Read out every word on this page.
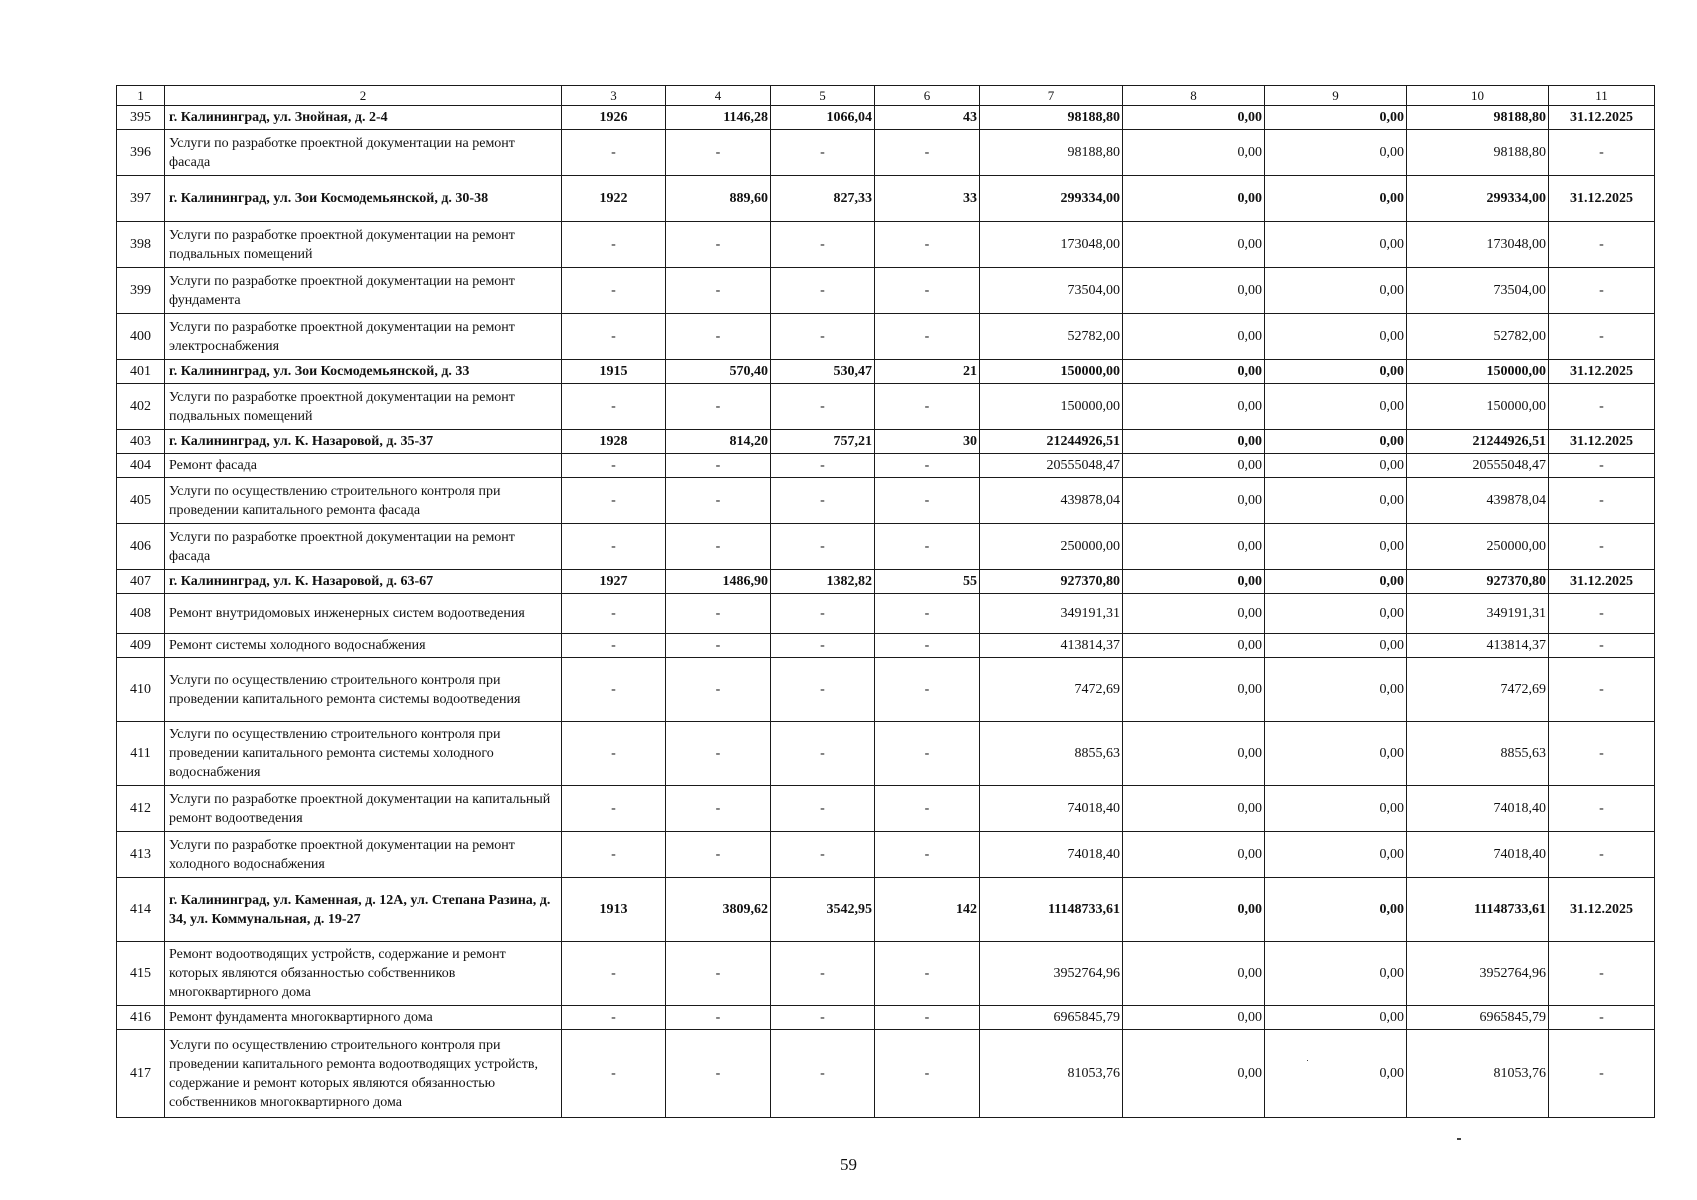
1	2	3	4	5	6	7	8	9	10	11
395	г. Калининград, ул. Знойная, д. 2-4	1926	1146,28	1066,04	43	98188,80	0,00	0,00	98188,80	31.12.2025
396	Услуги по разработке проектной документации на ремонт фасада	-	-	-	-	98188,80	0,00	0,00	98188,80	-
397	г. Калининград, ул. Зои Космодемьянской, д. 30-38	1922	889,60	827,33	33	299334,00	0,00	0,00	299334,00	31.12.2025
398	Услуги по разработке проектной документации на ремонт подвальных помещений	-	-	-	-	173048,00	0,00	0,00	173048,00	-
399	Услуги по разработке проектной документации на ремонт фундамента	-	-	-	-	73504,00	0,00	0,00	73504,00	-
400	Услуги по разработке проектной документации на ремонт электроснабжения	-	-	-	-	52782,00	0,00	0,00	52782,00	-
401	г. Калининград, ул. Зои Космодемьянской, д. 33	1915	570,40	530,47	21	150000,00	0,00	0,00	150000,00	31.12.2025
402	Услуги по разработке проектной документации на ремонт подвальных помещений	-	-	-	-	150000,00	0,00	0,00	150000,00	-
403	г. Калининград, ул. К. Назаровой, д. 35-37	1928	814,20	757,21	30	21244926,51	0,00	0,00	21244926,51	31.12.2025
404	Ремонт фасада	-	-	-	-	20555048,47	0,00	0,00	20555048,47	-
405	Услуги по осуществлению строительного контроля при проведении капитального ремонта фасада	-	-	-	-	439878,04	0,00	0,00	439878,04	-
406	Услуги по разработке проектной документации на ремонт фасада	-	-	-	-	250000,00	0,00	0,00	250000,00	-
407	г. Калининград, ул. К. Назаровой, д. 63-67	1927	1486,90	1382,82	55	927370,80	0,00	0,00	927370,80	31.12.2025
408	Ремонт внутридомовых инженерных систем водоотведения	-	-	-	-	349191,31	0,00	0,00	349191,31	-
409	Ремонт системы холодного водоснабжения	-	-	-	-	413814,37	0,00	0,00	413814,37	-
410	Услуги по осуществлению строительного контроля при проведении капитального ремонта системы водоотведения	-	-	-	-	7472,69	0,00	0,00	7472,69	-
411	Услуги по осуществлению строительного контроля при проведении капитального ремонта системы холодного водоснабжения	-	-	-	-	8855,63	0,00	0,00	8855,63	-
412	Услуги по разработке проектной документации на капитальный ремонт водоотведения	-	-	-	-	74018,40	0,00	0,00	74018,40	-
413	Услуги по разработке проектной документации на ремонт холодного водоснабжения	-	-	-	-	74018,40	0,00	0,00	74018,40	-
414	г. Калининград, ул. Каменная, д. 12А, ул. Степана Разина, д. 34, ул. Коммунальная, д. 19-27	1913	3809,62	3542,95	142	11148733,61	0,00	0,00	11148733,61	31.12.2025
415	Ремонт водоотводящих устройств, содержание и ремонт которых являются обязанностью собственников многоквартирного дома	-	-	-	-	3952764,96	0,00	0,00	3952764,96	-
416	Ремонт фундамента многоквартирного дома	-	-	-	-	6965845,79	0,00	0,00	6965845,79	-
417	Услуги по осуществлению строительного контроля при проведении капитального ремонта водоотводящих устройств, содержание и ремонт которых являются обязанностью собственников многоквартирного дома	-	-	-	-	81053,76	0,00	0,00	81053,76	-
59
